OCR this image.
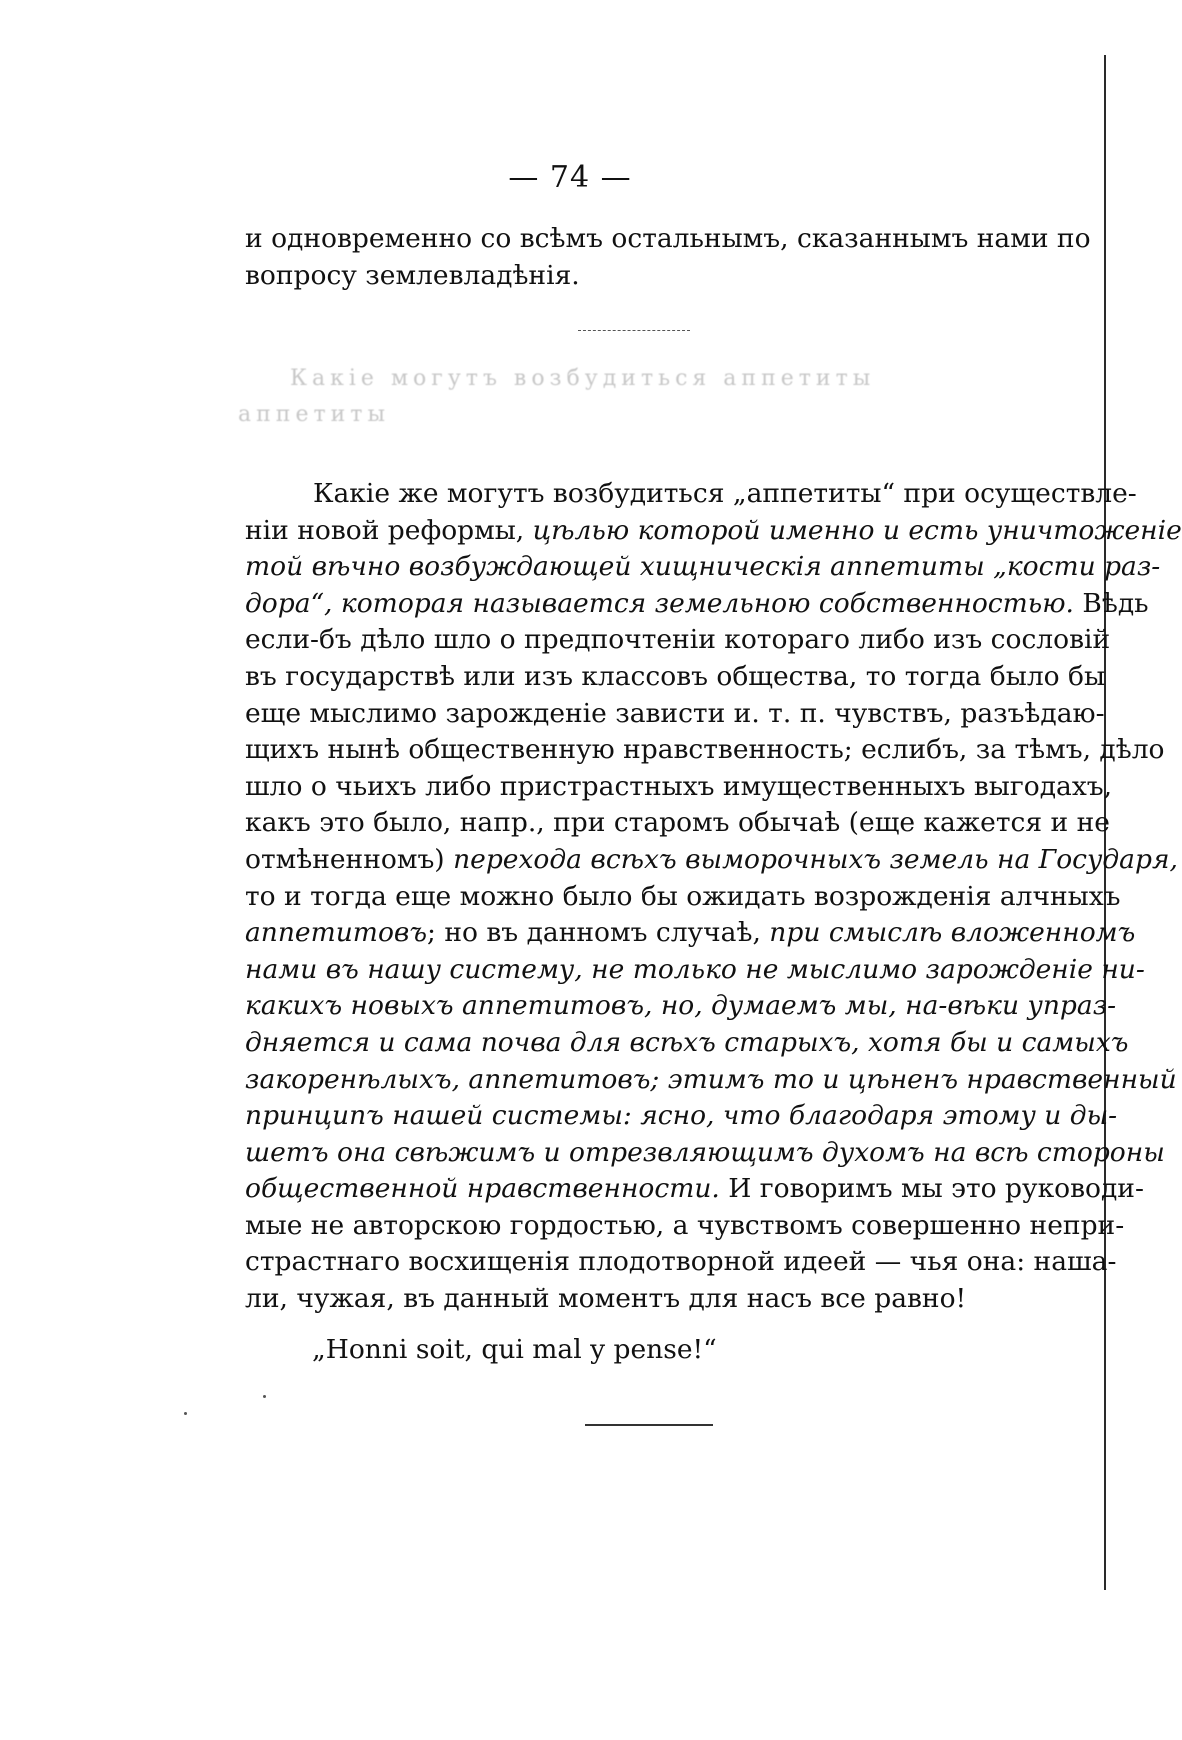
— 74 —
и одновременно со всѣмъ остальнымъ, сказаннымъ нами по
вопросу землевладѣнія.
Какіе могутъ возбудиться аппетиты
аппетиты
Какіе же могутъ возбудиться „аппетиты“ при осуществле-
ніи новой реформы, цѣлью которой именно и есть уничтоженіе
той вѣчно возбуждающей хищническія аппетиты „кости раз-
дора“, которая называется земельною собственностью. Вѣдь
если-бъ дѣло шло о предпочтеніи котораго либо изъ сословій
въ государствѣ или изъ классовъ общества, то тогда было бы
еще мыслимо зарожденіе зависти и. т. п. чувствъ, разъѣдаю-
щихъ нынѣ общественную нравственность; еслибъ, за тѣмъ, дѣло
шло о чьихъ либо пристрастныхъ имущественныхъ выгодахъ,
какъ это было, напр., при старомъ обычаѣ (еще кажется и не
отмѣненномъ) перехода всѣхъ выморочныхъ земель на Государя,
то и тогда еще можно было бы ожидать возрожденія алчныхъ
аппетитовъ; но въ данномъ случаѣ, при смыслѣ вложенномъ
нами въ нашу систему, не только не мыслимо зарожденіе ни-
какихъ новыхъ аппетитовъ, но, думаемъ мы, на-вѣки упраз-
дняется и сама почва для всѣхъ старыхъ, хотя бы и самыхъ
закоренѣлыхъ, аппетитовъ; этимъ то и цѣненъ нравственный
принципъ нашей системы: ясно, что благодаря этому и ды-
шетъ она свѣжимъ и отрезвляющимъ духомъ на всѣ стороны
общественной нравственности. И говоримъ мы это руководи-
мые не авторскою гордостью, а чувствомъ совершенно непри-
страстнаго восхищенія плодотворной идеей — чья она: наша-
ли, чужая, въ данный моментъ для насъ все равно!
„Honni soit, qui mal y pense!“
